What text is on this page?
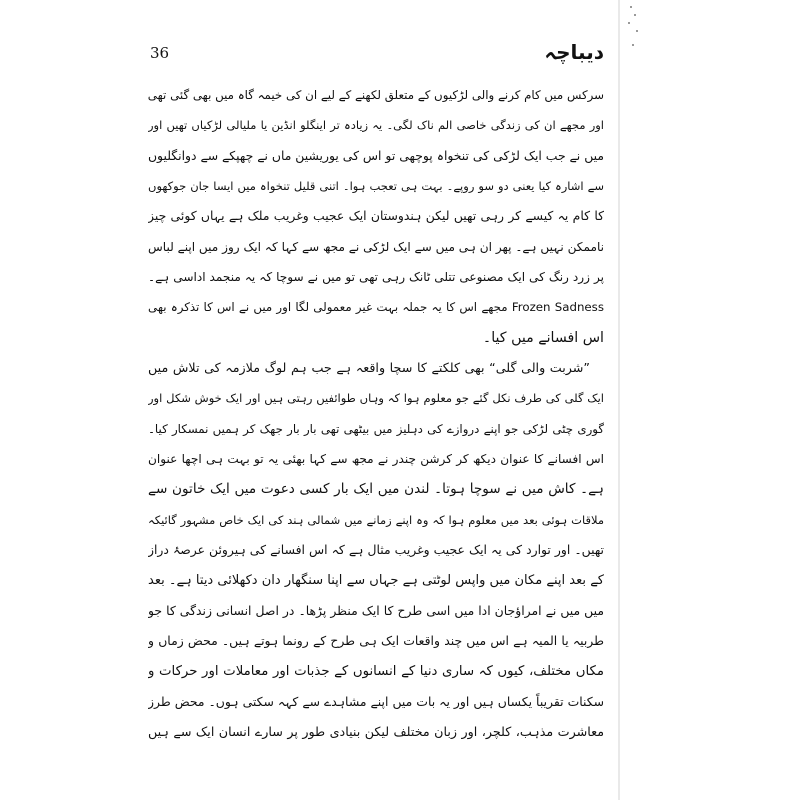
36	دیباچہ
سرکس میں کام کرنے والی لڑکیوں کے متعلق لکھنے کے لیے ان کی خیمہ گاہ میں بھی گئی تھی
اور مجھے ان کی زندگی خاصی الم ناک لگی۔ یہ زیادہ تر اینگلو انڈین یا ملیالی لڑکیاں تھیں اور
میں نے جب ایک لڑکی کی تنخواہ پوچھی تو اس کی یوریشین ماں نے چھپکے سے دوانگلیوں
سے اشارہ کیا یعنی دو سو روپے۔ بہت ہی تعجب ہوا۔ اتنی قلیل تنخواہ میں ایسا جان جوکھوں
کا کام یہ کیسے کر رہی تھیں لیکن ہندوستان ایک عجیب وغریب ملک ہے یہاں کوئی چیز
ناممکن نہیں ہے۔ پھر ان ہی میں سے ایک لڑکی نے مجھ سے کہا کہ ایک روز میں اپنے لباس
پر زرد رنگ کی ایک مصنوعی تتلی ٹانک رہی تھی تو میں نے سوچا کہ یہ منجمد اداسی ہے۔
Frozen Sadness مجھے اس کا یہ جملہ بہت غیر معمولی لگا اور میں نے اس کا تذکرہ بھی
اس افسانے میں کیا۔
”شربت والی گلی“ بھی کلکتے کا سچا واقعہ ہے جب ہم لوگ ملازمہ کی تلاش میں
ایک گلی کی طرف نکل گئے جو معلوم ہوا کہ وہاں طوائفیں رہتی ہیں اور ایک خوش شکل اور
گوری چٹی لڑکی جو اپنے دروازے کی دہلیز میں بیٹھی تھی بار بار جھک کر ہمیں نمسکار کیا۔
اس افسانے کا عنوان دیکھ کر کرشن چندر نے مجھ سے کہا بھئی یہ تو بہت ہی اچھا عنوان
ہے۔ کاش میں نے سوچا ہوتا۔ لندن میں ایک بار کسی دعوت میں ایک خاتون سے
ملاقات ہوئی بعد میں معلوم ہوا کہ وہ اپنے زمانے میں شمالی ہند کی ایک خاص مشہور گائیکہ
تھیں۔ اور توارد کی یہ ایک عجیب وغریب مثال ہے کہ اس افسانے کی ہیروئن عرصۂ دراز
کے بعد اپنے مکان میں واپس لوٹتی ہے جہاں سے اپنا سنگھار دان دکھلائی دیتا ہے۔ بعد
میں میں نے امراؤجان ادا میں اسی طرح کا ایک منظر پڑھا۔ در اصل انسانی زندگی کا جو
طربیہ یا المیہ ہے اس میں چند واقعات ایک ہی طرح کے رونما ہوتے ہیں۔ محض زماں و
مکاں مختلف، کیوں کہ ساری دنیا کے انسانوں کے جذبات اور معاملات اور حرکات و
سکنات تقریباً یکساں ہیں اور یہ بات میں اپنے مشاہدے سے کہہ سکتی ہوں۔ محض طرز
معاشرت مذہب، کلچر، اور زبان مختلف لیکن بنیادی طور پر سارے انسان ایک سے ہیں
